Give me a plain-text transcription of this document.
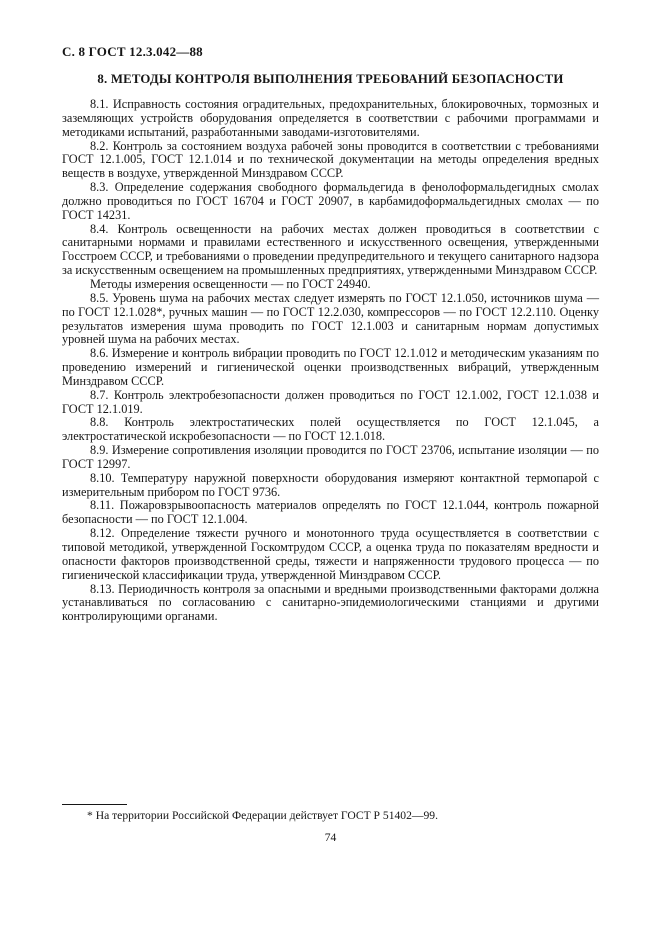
С. 8 ГОСТ 12.3.042—88
8. МЕТОДЫ КОНТРОЛЯ ВЫПОЛНЕНИЯ ТРЕБОВАНИЙ БЕЗОПАСНОСТИ

8.1. Исправность состояния оградительных, предохранительных, блокировочных, тормозных и заземляющих устройств оборудования определяется в соответствии с рабочими программами и методиками испытаний, разработанными заводами-изготовителями.

8.2. Контроль за состоянием воздуха рабочей зоны проводится в соответствии с требованиями ГОСТ 12.1.005, ГОСТ 12.1.014 и по технической документации на методы определения вредных веществ в воздухе, утвержденной Минздравом СССР.

8.3. Определение содержания свободного формальдегида в фенолоформальдегидных смолах должно проводиться по ГОСТ 16704 и ГОСТ 20907, в карбамидоформальдегидных смолах — по ГОСТ 14231.

8.4. Контроль освещенности на рабочих местах должен проводиться в соответствии с санитарными нормами и правилами естественного и искусственного освещения, утвержденными Госстроем СССР, и требованиями о проведении предупредительного и текущего санитарного надзора за искусственным освещением на промышленных предприятиях, утвержденными Минздравом СССР.

Методы измерения освещенности — по ГОСТ 24940.

8.5. Уровень шума на рабочих местах следует измерять по ГОСТ 12.1.050, источников шума — по ГОСТ 12.1.028*, ручных машин — по ГОСТ 12.2.030, компрессоров — по ГОСТ 12.2.110. Оценку результатов измерения шума проводить по ГОСТ 12.1.003 и санитарным нормам допустимых уровней шума на рабочих местах.

8.6. Измерение и контроль вибрации проводить по ГОСТ 12.1.012 и методическим указаниям по проведению измерений и гигиенической оценки производственных вибраций, утвержденным Минздравом СССР.

8.7. Контроль электробезопасности должен проводиться по ГОСТ 12.1.002, ГОСТ 12.1.038 и ГОСТ 12.1.019.

8.8. Контроль электростатических полей осуществляется по ГОСТ 12.1.045, а электростатической искробезопасности — по ГОСТ 12.1.018.

8.9. Измерение сопротивления изоляции проводится по ГОСТ 23706, испытание изоляции — по ГОСТ 12997.

8.10. Температуру наружной поверхности оборудования измеряют контактной термопарой с измерительным прибором по ГОСТ 9736.

8.11. Пожаровзрывоопасность материалов определять по ГОСТ 12.1.044, контроль пожарной безопасности — по ГОСТ 12.1.004.

8.12. Определение тяжести ручного и монотонного труда осуществляется в соответствии с типовой методикой, утвержденной Госкомтрудом СССР, а оценка труда по показателям вредности и опасности факторов производственной среды, тяжести и напряженности трудового процесса — по гигиенической классификации труда, утвержденной Минздравом СССР.

8.13. Периодичность контроля за опасными и вредными производственными факторами должна устанавливаться по согласованию с санитарно-эпидемиологическими станциями и другими контролирующими органами.

* На территории Российской Федерации действует ГОСТ Р 51402—99.
74
